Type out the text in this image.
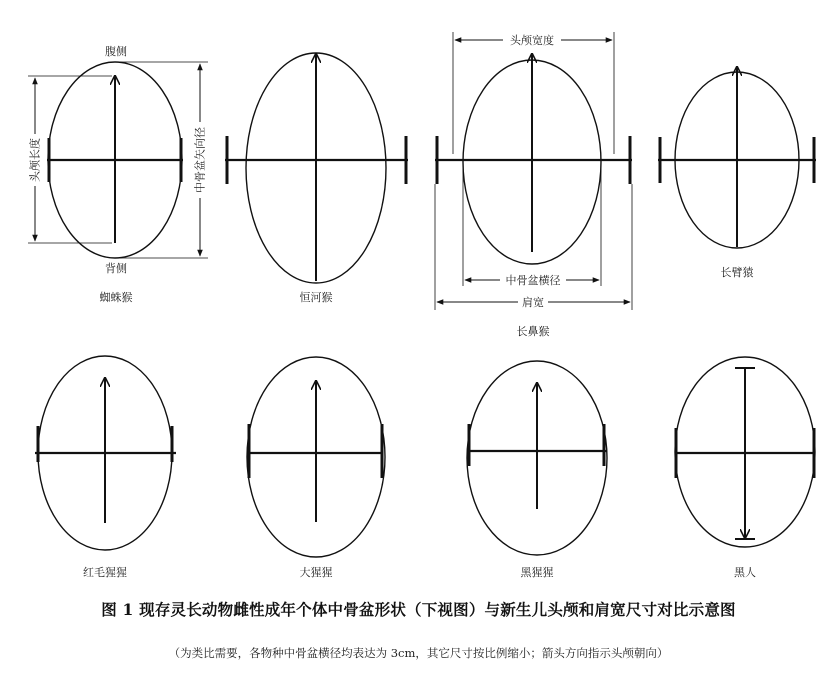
腹侧
背侧
头颅长度	中骨盆矢向径
头颅宽度
中骨盆横径
肩宽
蜘蛛猴	恒河猴
长鼻猴
长臂猿
红毛猩猩	大猩猩	黑猩猩	黑人
图 1 现存灵长动物雌性成年个体中骨盆形状（下视图）与新生儿头颅和肩宽尺寸对比示意图
（为类比需要，各物种中骨盆横径均表达为 3cm，其它尺寸按比例缩小；箭头方向指示头颅朝向）
